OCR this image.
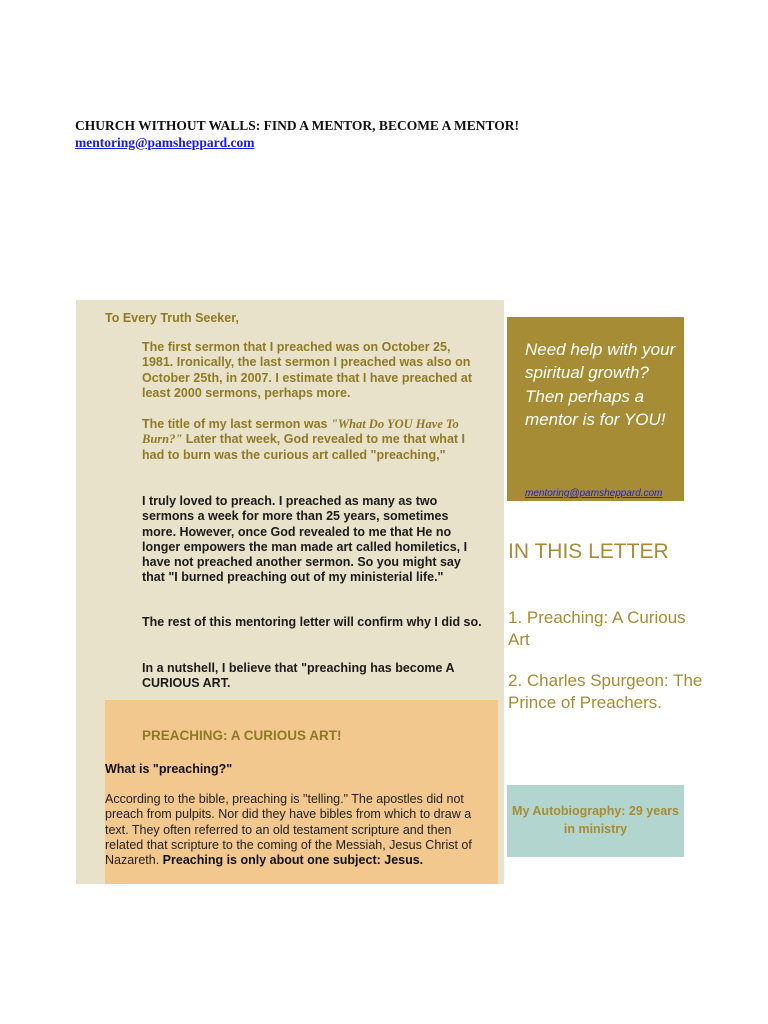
CHURCH WITHOUT WALLS: FIND A MENTOR, BECOME A MENTOR!
mentoring@pamsheppard.com
To Every Truth Seeker,

The first sermon that I preached was on October 25, 1981. Ironically, the last sermon I preached was also on October 25th, in 2007. I estimate that I have preached at least 2000 sermons, perhaps more.

The title of my last sermon was "What Do YOU Have To Burn?" Later that week, God revealed to me that what I had to burn was the curious art called "preaching,"

I truly loved to preach. I preached as many as two sermons a week for more than 25 years, sometimes more. However, once God revealed to me that He no longer empowers the man made art called homiletics, I have not preached another sermon. So you might say that "I burned preaching out of my ministerial life."

The rest of this mentoring letter will confirm why I did so.

In a nutshell, I believe that "preaching has become A CURIOUS ART.

PREACHING: A CURIOUS ART!
What is "preaching?"

According to the bible, preaching is "telling." The apostles did not preach from pulpits. Nor did they have bibles from which to draw a text. They often referred to an old testament scripture and then related that scripture to the coming of the Messiah, Jesus Christ of Nazareth. Preaching is only about one subject: Jesus.

Need help with your spiritual growth? Then perhaps a mentor is for YOU!

mentoring@pamsheppard.com
IN THIS LETTER

1. Preaching: A Curious Art

2. Charles Spurgeon: The Prince of Preachers.

My Autobiography: 29 years in ministry
